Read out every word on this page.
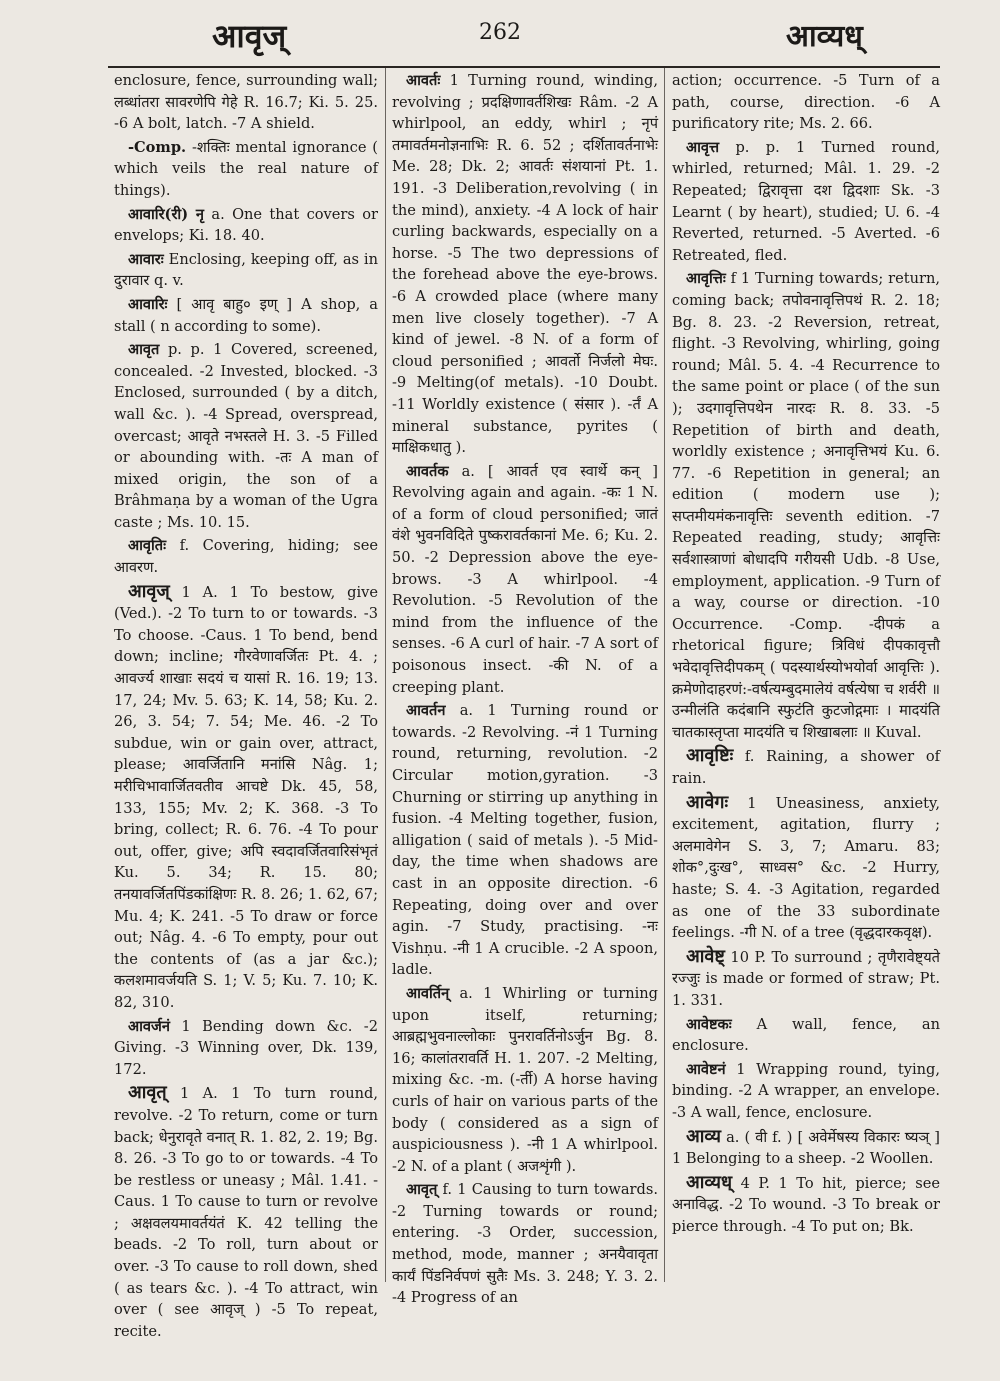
आवृज्	262	आव्यध्

enclosure, fence, surrounding wall; लब्धांतरा सावरणेपि गेहे R. 16.7; Ki. 5. 25. -6 A bolt, latch. -7 A shield.

-Comp. -शक्तिः mental ignorance ( which veils the real nature of things).

आवारि(री) नृ a. One that covers or envelops; Ki. 18. 40.

आवारः Enclosing, keeping off, as in दुरावार q. v.

आवारिः [ आवृ बाहु० इण् ] A shop, a stall ( n according to some).

आवृत p. p. 1 Covered, screened, concealed. -2 Invested, blocked. -3 Enclosed, surrounded ( by a ditch, wall &c. ). -4 Spread, overspread, overcast; आवृते नभस्तले H. 3. -5 Filled or abounding with. -तः A man of mixed origin, the son of a Brâhmaṇa by a woman of the Ugra caste ; Ms. 10. 15.

आवृतिः f. Covering, hiding; see आवरण.

आवृज् 1 A. 1 To bestow, give (Ved.). -2 To turn to or towards. -3 To choose. -Caus. 1 To bend, bend down; incline; गौरवेणावर्जितः Pt. 4. ; आवर्ज्य शाखाः सदयं च यासां R. 16. 19; 13. 17, 24; Mv. 5. 63; K. 14, 58; Ku. 2. 26, 3. 54; 7. 54; Me. 46. -2 To subdue, win or gain over, attract, please; आवर्जितानि मनांसि Nâg. 1; मरीचिभावार्जितवतीव आचष्टे Dk. 45, 58, 133, 155; Mv. 2; K. 368. -3 To bring, collect; R. 6. 76. -4 To pour out, offer, give; अपि स्वदावर्जितवारिसंभृतं Ku. 5. 34; R. 15. 80; तनयावर्जितपिंडकांक्षिणः R. 8. 26; 1. 62, 67; Mu. 4; K. 241. -5 To draw or force out; Nâg. 4. -6 To empty, pour out the contents of (as a jar &c.); कलशमावर्जयति S. 1; V. 5; Ku. 7. 10; K. 82, 310.

आवर्जनं 1 Bending down &c. -2 Giving. -3 Winning over, Dk. 139, 172.

आवृत् 1 A. 1 To turn round, revolve. -2 To return, come or turn back; धेनुरावृते वनात् R. 1. 82, 2. 19; Bg. 8. 26. -3 To go to or towards. -4 To be restless or uneasy ; Mâl. 1.41. -Caus. 1 To cause to turn or revolve ; अक्षवलयमावर्तयंतं K. 42 telling the beads. -2 To roll, turn about or over. -3 To cause to roll down, shed ( as tears &c. ). -4 To attract, win over ( see आवृज् ) -5 To repeat, recite.

आवर्तः 1 Turning round, winding, revolving ; प्रदक्षिणावर्तशिखः Râm. -2 A whirlpool, an eddy, whirl ; नृपं तमावर्तमनोज्ञनाभिः R. 6. 52 ; दर्शितावर्तनाभेः Me. 28; Dk. 2; आवर्तः संशयानां Pt. 1. 191. -3 Deliberation,revolving ( in the mind), anxiety. -4 A lock of hair curling backwards, especially on a horse. -5 The two depressions of the forehead above the eye-brows. -6 A crowded place (where many men live closely together). -7 A kind of jewel. -8 N. of a form of cloud personified ; आवर्तो निर्जलो मेघः. -9 Melting(of metals). -10 Doubt. -11 Worldly existence ( संसार ). -र्तं A mineral substance, pyrites ( माक्षिकधातु ).

आवर्तक a. [ आवर्त एव स्वार्थे कन् ] Revolving again and again. -कः 1 N. of a form of cloud personified; जातं वंशे भुवनविदिते पुष्करावर्तकानां Me. 6; Ku. 2. 50. -2 Depression above the eye-brows. -3 A whirlpool. -4 Revolution. -5 Revolution of the mind from the influence of the senses. -6 A curl of hair. -7 A sort of poisonous insect. -की N. of a creeping plant.

आवर्तन a. 1 Turning round or towards. -2 Revolving. -नं 1 Turning round, returning, revolution. -2 Circular motion,gyration. -3 Churning or stirring up anything in fusion. -4 Melting together, fusion, alligation ( said of metals ). -5 Mid-day, the time when shadows are cast in an opposite direction. -6 Repeating, doing over and over agin. -7 Study, practising. -नः Vishṇu. -नी 1 A crucible. -2 A spoon, ladle.

आवर्तिन् a. 1 Whirling or turning upon itself, returning; आब्रह्मभुवनाल्लोकाः पुनरावर्तिनोऽर्जुन Bg. 8. 16; कालांतरावर्ति H. 1. 207. -2 Melting, mixing &c. -m. (-र्ती) A horse having curls of hair on various parts of the body ( considered as a sign of auspiciousness ). -नी 1 A whirlpool. -2 N. of a plant ( अजशृंगी ).

आवृत् f. 1 Causing to turn towards. -2 Turning towards or round; entering. -3 Order, succession, method, mode, manner ; अनयैवावृता कार्यं पिंडनिर्वपणं सुतैः Ms. 3. 248; Y. 3. 2. -4 Progress of an

action; occurrence. -5 Turn of a path, course, direction. -6 A purificatory rite; Ms. 2. 66.

आवृत्त p. p. 1 Turned round, whirled, returned; Mâl. 1. 29. -2 Repeated; द्विरावृत्ता दश द्विदशाः Sk. -3 Learnt ( by heart), studied; U. 6. -4 Reverted, returned. -5 Averted. -6 Retreated, fled.

आवृत्तिः f 1 Turning towards; return, coming back; तपोवनावृत्तिपथं R. 2. 18; Bg. 8. 23. -2 Reversion, retreat, flight. -3 Revolving, whirling, going round; Mâl. 5. 4. -4 Recurrence to the same point or place ( of the sun ); उदगावृत्तिपथेन नारदः R. 8. 33. -5 Repetition of birth and death, worldly existence ; अनावृत्तिभयं Ku. 6. 77. -6 Repetition in general; an edition ( modern use ); सप्तमीयमंकनावृत्तिः seventh edition. -7 Repeated reading, study; आवृत्तिः सर्वशास्त्राणां बोधादपि गरीयसी Udb. -8 Use, employment, application. -9 Turn of a way, course or direction. -10 Occurrence. -Comp. -दीपकं a rhetorical figure; त्रिविधं दीपकावृत्तौ भवेदावृत्तिदीपकम् ( पदस्यार्थस्योभयोर्वा आवृत्तिः ). क्रमेणोदाहरणं:-वर्षत्यम्बुदमालेयं वर्षत्येषा च शर्वरी ॥ उन्मीलंति कदंबानि स्फुटंति कुटजोद्गमाः । मादयंति चातकास्तृप्ता मादयंति च शिखाबलाः ॥ Kuval.

आवृष्टिः f. Raining, a shower of rain.

आवेगः 1 Uneasiness, anxiety, excitement, agitation, flurry ; अलमावेगेन S. 3, 7; Amaru. 83; शोक°,दुःख°, साध्वस° &c. -2 Hurry, haste; S. 4. -3 Agitation, regarded as one of the 33 subordinate feelings. -गी N. of a tree (वृद्धदारकवृक्ष).

आवेष्ट् 10 P. To surround ; तृणैरावेष्ट्यते रज्जुः is made or formed of straw; Pt. 1. 331.

आवेष्टकः A wall, fence, an enclosure.

आवेष्टनं 1 Wrapping round, tying, binding. -2 A wrapper, an envelope. -3 A wall, fence, enclosure.

आव्य a. ( वी f. ) [ अवेर्मेषस्य विकारः ष्यञ् ] 1 Belonging to a sheep. -2 Woollen.

आव्यध् 4 P. 1 To hit, pierce; see अनाविद्ध. -2 To wound. -3 To break or pierce through. -4 To put on; Bk.
